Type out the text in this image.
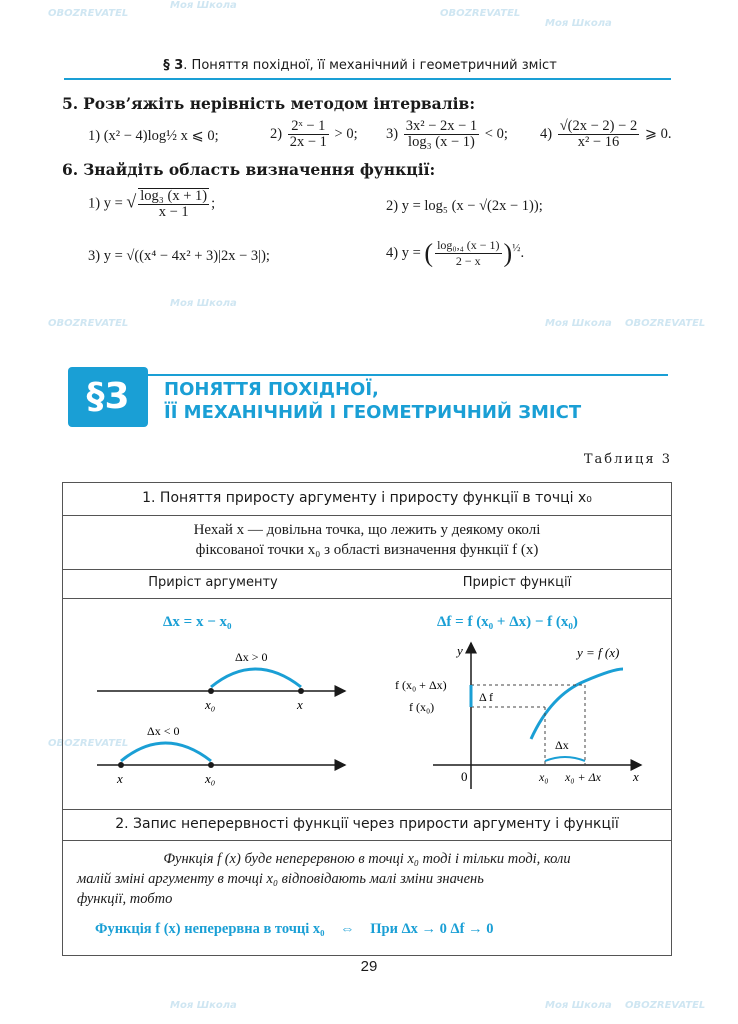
OBOZREVATEL
Моя Школа
OBOZREVATEL
Моя Школа
OBOZREVATEL
Моя Школа
Моя Школа OBOZREVATEL
OBOZREVATEL
Моя Школа	Моя Школа OBOZREVATEL
§ 3. Поняття похідної, її механічний і геометричний зміст
5. Розв’яжіть нерівність методом інтервалів:
1) (x² − 4)log½ x ⩽ 0;	$2) \frac{\text{2ˣ − 1}}{2x - 1} > 0$; $3) \frac{\text{3x² − 2x − 1}}{\text{log₃ (x − 1)}} < 0$; $4) \frac{√(2x - 2) - 2}{\text{x² − 16}}$ ⩾ 0.
6. Знайдіть область визначення функції:
1) y = √ $\frac{\text{log₃ (x + 1)}}{x - 1}$ ;	2) y = log₅ (x − √(2x − 1));
3) y = √((x⁴ − 4x² + 3)|2x − 3|);	4) y = ( $\frac{\text{log₀,₄ (x − 1)}}{2 - x} )^{\frac{1}{2}}$.
§3	ПОНЯТТЯ ПОХІДНОЇ,
ЇЇ МЕХАНІЧНИЙ І ГЕОМЕТРИЧНИЙ ЗМІСТ
Таблиця 3
1. Поняття приросту аргументу і приросту функції в точці x₀
Нехай x — довільна точка, що лежить у деякому околі
фіксованої точки x₀ з області визначення функції f (x)
Приріст аргументу	Приріст функції
Δx = x − x₀
Δx > 0
x₀	x
Δx < 0
x	x₀
Δf = f (x₀ + Δx) − f (x₀)
y
x
0
y = f (x)
f (x₀ + Δx)
f (x₀)
Δ f
Δx
x₀ x₀ + Δx
2. Запис неперервності функції через прирости аргументу і функції
Функція f (x) буде неперервною в точці x₀ тоді і тільки тоді, коли
малій зміні аргументу в точці x₀ відповідають малі зміни значень
функції, тобто
Функція f (x) неперервна в точці x₀ ⇔ При Δx → 0 Δf → 0
29
